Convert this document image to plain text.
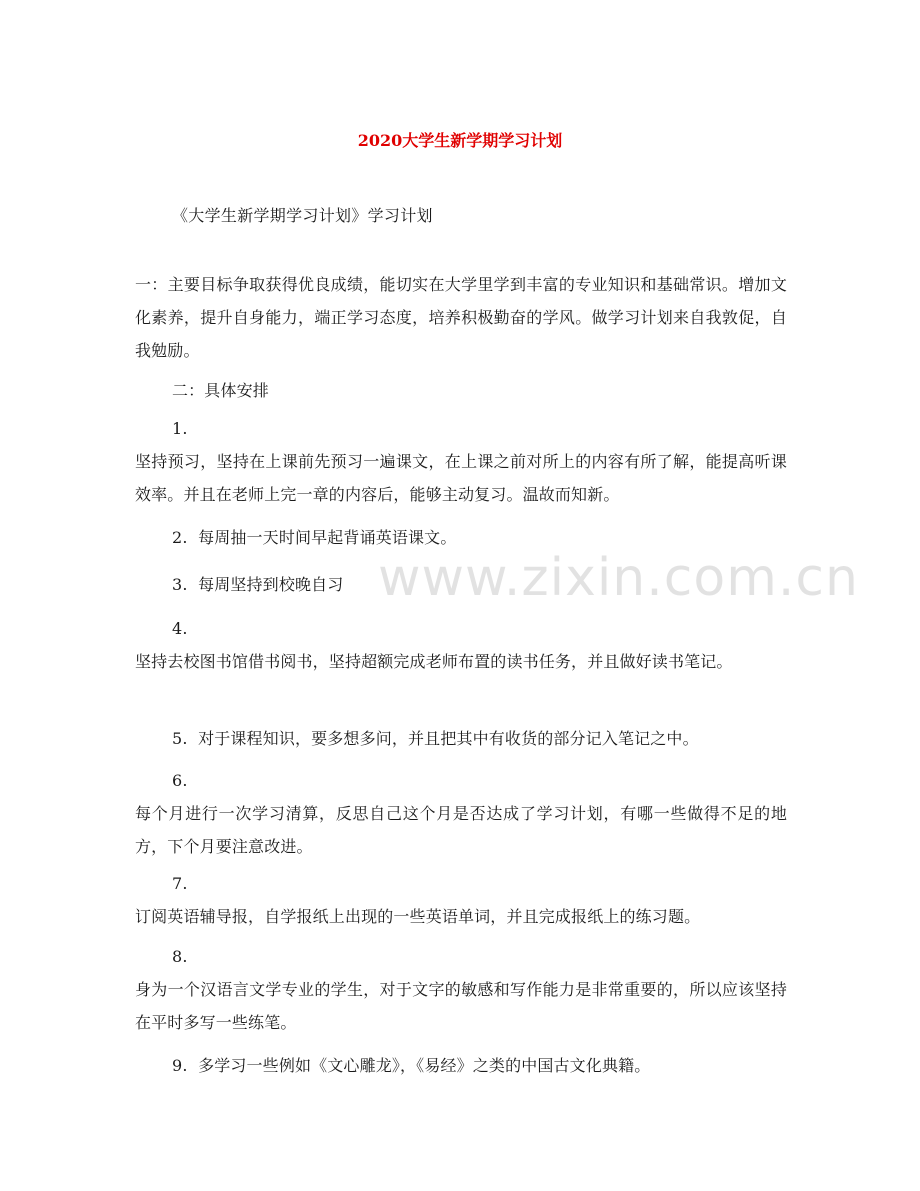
2020大学生新学期学习计划
《大学生新学期学习计划》学习计划
一：主要目标争取获得优良成绩，能切实在大学里学到丰富的专业知识和基础常识。增加文化素养，提升自身能力，端正学习态度，培养积极勤奋的学风。做学习计划来自我敦促，自我勉励。
二：具体安排
1.
坚持预习，坚持在上课前先预习一遍课文，在上课之前对所上的内容有所了解，能提高听课效率。并且在老师上完一章的内容后，能够主动复习。温故而知新。
2. 每周抽一天时间早起背诵英语课文。
3. 每周坚持到校晚自习
4.
坚持去校图书馆借书阅书，坚持超额完成老师布置的读书任务，并且做好读书笔记。
5. 对于课程知识，要多想多问，并且把其中有收货的部分记入笔记之中。
6.
每个月进行一次学习清算，反思自己这个月是否达成了学习计划，有哪一些做得不足的地方，下个月要注意改进。
7.
订阅英语辅导报，自学报纸上出现的一些英语单词，并且完成报纸上的练习题。
8.
身为一个汉语言文学专业的学生，对于文字的敏感和写作能力是非常重要的，所以应该坚持在平时多写一些练笔。
9. 多学习一些例如《文心雕龙》，《易经》之类的中国古文化典籍。
www.zixin.com.cn
